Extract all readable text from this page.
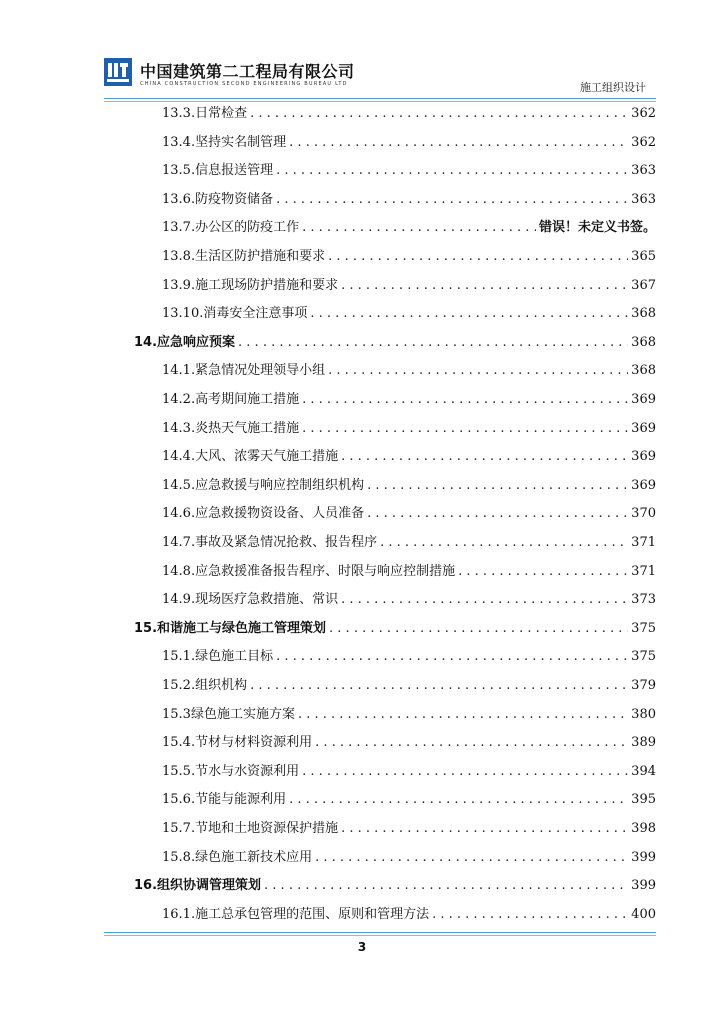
中国建筑第二工程局有限公司
CHINA CONSTRUCTION SECOND ENGINEERING BUREAU LTD	施工组织设计
13.3.日常检查 . . .	362
13.4.坚持实名制管理 . . .	362
13.5.信息报送管理 . . .	363
13.6.防疫物资储备 . . .	363
13.7.办公区的防疫工作 . . .	错误！未定义书签。
13.8.生活区防护措施和要求 . . .	365
13.9.施工现场防护措施和要求 . . .	367
13.10.消毒安全注意事项 . . .	368
14.应急响应预案 . . .	368
14.1.紧急情况处理领导小组 . . .	368
14.2.高考期间施工措施 . . .	369
14.3.炎热天气施工措施 . . .	369
14.4.大风、浓雾天气施工措施 . . .	369
14.5.应急救援与响应控制组织机构 . . .	369
14.6.应急救援物资设备、人员准备 . . .	370
14.7.事故及紧急情况抢救、报告程序 . . .	371
14.8.应急救援准备报告程序、时限与响应控制措施 . . .	371
14.9.现场医疗急救措施、常识 . . .	373
15.和谐施工与绿色施工管理策划 . . .	375
15.1.绿色施工目标 . . .	375
15.2.组织机构 . . .	379
15.3绿色施工实施方案 . . .	380
15.4.节材与材料资源利用 . . .	389
15.5.节水与水资源利用 . . .	394
15.6.节能与能源利用 . . .	395
15.7.节地和土地资源保护措施 . . .	398
15.8.绿色施工新技术应用 . . .	399
16.组织协调管理策划 . . .	399
16.1.施工总承包管理的范围、原则和管理方法 . . .	400
3
